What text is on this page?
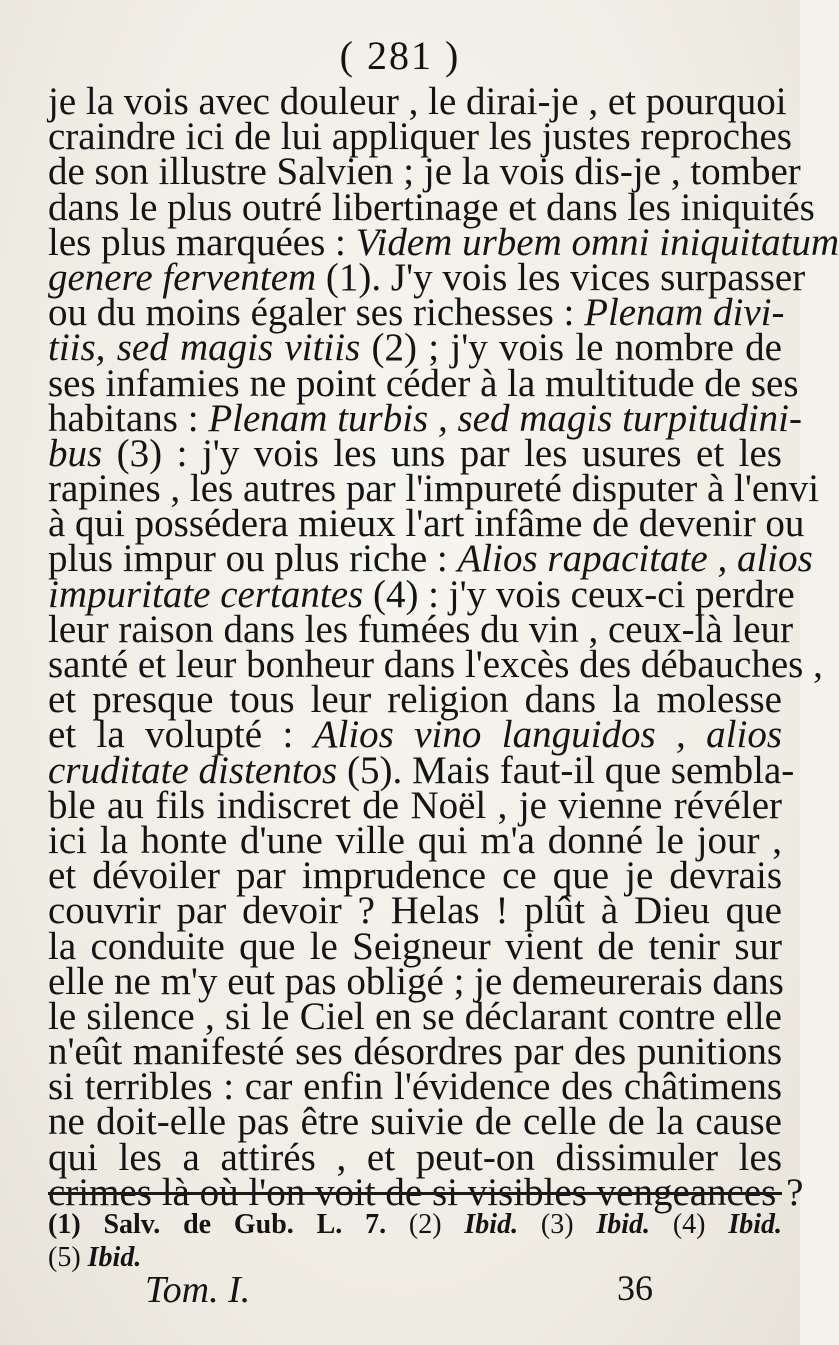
( 281 )
je la vois avec douleur , le dirai-je , et pourquoi
craindre ici de lui appliquer les justes reproches
de son illustre Salvien ; je la vois dis-je , tomber
dans le plus outré libertinage et dans les iniquités
les plus marquées : Videm urbem omni iniquitatum
genere ferventem (1). J'y vois les vices surpasser
ou du moins égaler ses richesses : Plenam divi-
tiis, sed magis vitiis (2) ; j'y vois le nombre de
ses infamies ne point céder à la multitude de ses
habitans : Plenam turbis , sed magis turpitudini-
bus (3) : j'y vois les uns par les usures et les
rapines , les autres par l'impureté disputer à l'envi
à qui possédera mieux l'art infâme de devenir ou
plus impur ou plus riche : Alios rapacitate , alios
impuritate certantes (4) : j'y vois ceux-ci perdre
leur raison dans les fumées du vin , ceux-là leur
santé et leur bonheur dans l'excès des débauches ,
et presque tous leur religion dans la molesse
et la volupté : Alios vino languidos , alios
cruditate distentos (5). Mais faut-il que sembla-
ble au fils indiscret de Noël , je vienne révéler
ici la honte d'une ville qui m'a donné le jour ,
et dévoiler par imprudence ce que je devrais
couvrir par devoir ? Helas ! plût à Dieu que
la conduite que le Seigneur vient de tenir sur
elle ne m'y eut pas obligé ; je demeurerais dans
le silence , si le Ciel en se déclarant contre elle
n'eût manifesté ses désordres par des punitions
si terribles : car enfin l'évidence des châtimens
ne doit-elle pas être suivie de celle de la cause
qui les a attirés , et peut-on dissimuler les
crimes là où l'on voit de si visibles vengeances ?
(1) Salv. de Gub. L. 7. (2) Ibid. (3) Ibid. (4) Ibid.
(5) Ibid.
Tom. I.	36
